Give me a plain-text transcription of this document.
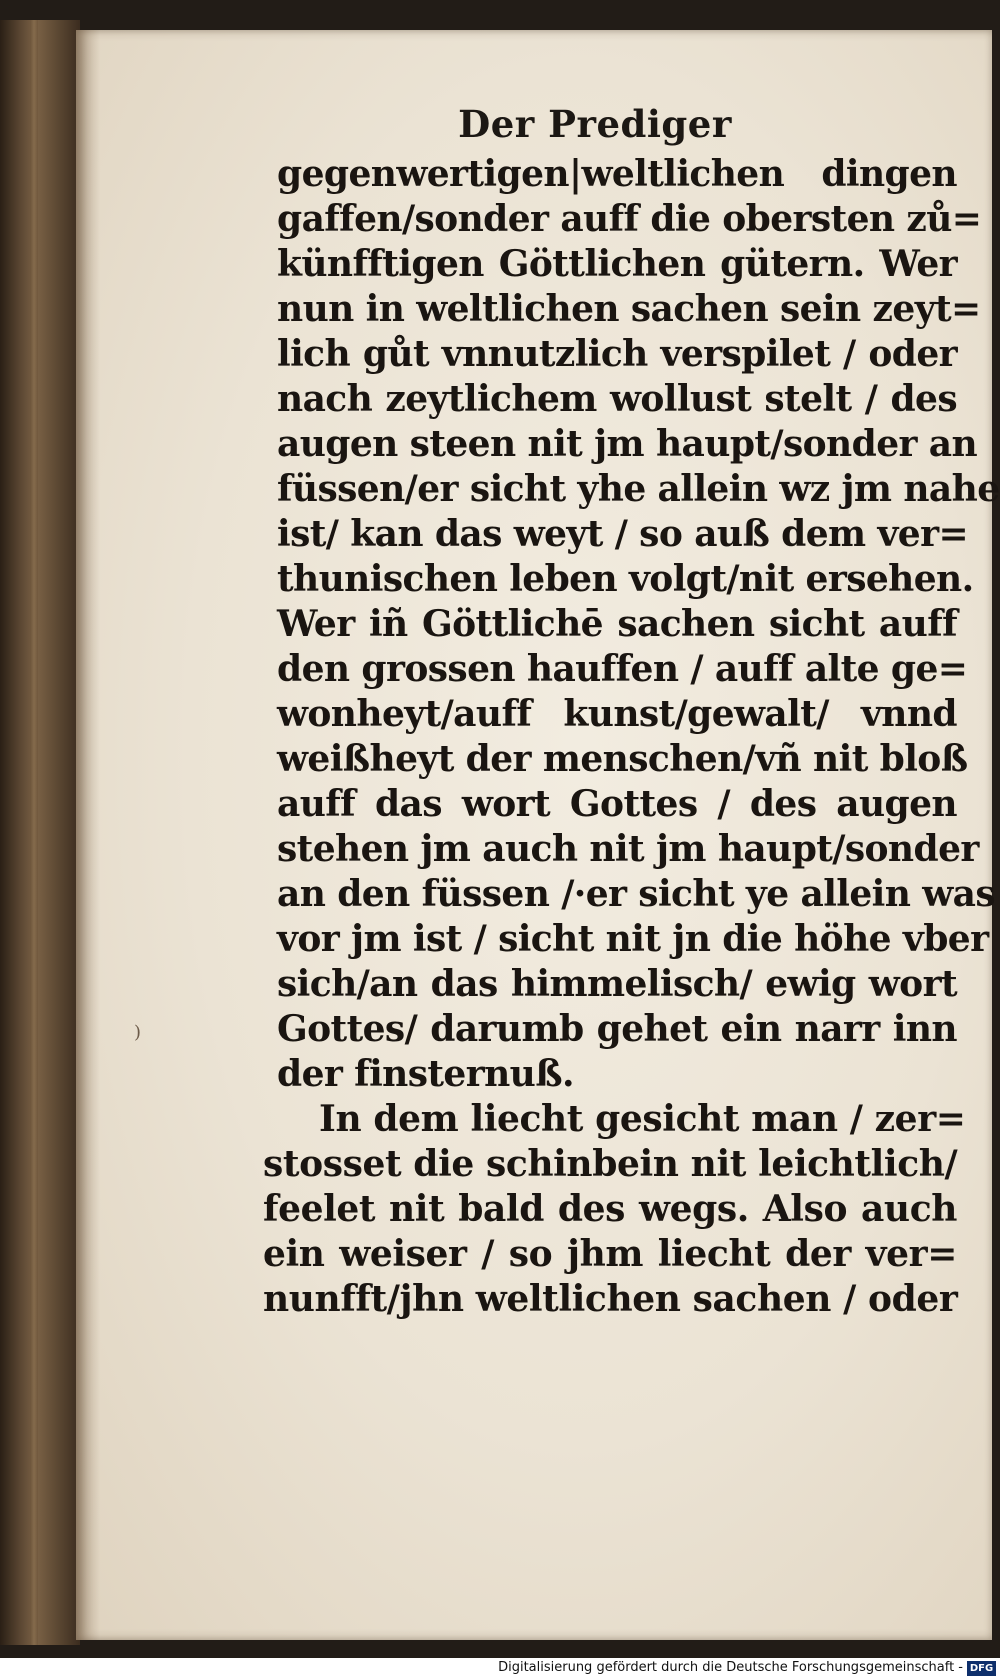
Der Prediger
gegenwertigen|weltlichen dingen
gaffen/sonder auff die obersten zů=
künfftigen Göttlichen gütern. Wer
nun in weltlichen sachen sein zeyt=
lich gůt vnnutzlich verspilet / oder
nach zeytlichem wollust stelt / des
augen steen nit jm haupt/sonder an
füssen/er sicht yhe allein wz jm nahe
ist/ kan das weyt / so auß dem ver=
thunischen leben volgt/nit ersehen.
Wer iñ Göttlichē sachen sicht auff
den grossen hauffen / auff alte ge=
wonheyt/auff kunst/gewalt/ vnnd
weißheyt der menschen/vñ nit bloß
auff das wort Gottes / des augen
stehen jm auch nit jm haupt/sonder
an den füssen /·er sicht ye allein was
vor jm ist / sicht nit jn die höhe vber
sich/an das himmelisch/ ewig wort
Gottes/ darumb gehet ein narr inn
der finsternuß.
In dem liecht gesicht man / zer=
stosset die schinbein nit leichtlich/
feelet nit bald des wegs. Also auch
ein weiser / so jhm liecht der ver=
nunfft/jhn weltlichen sachen / oder
)
Digitalisierung gefördert durch die Deutsche Forschungsgemeinschaft - DFG
